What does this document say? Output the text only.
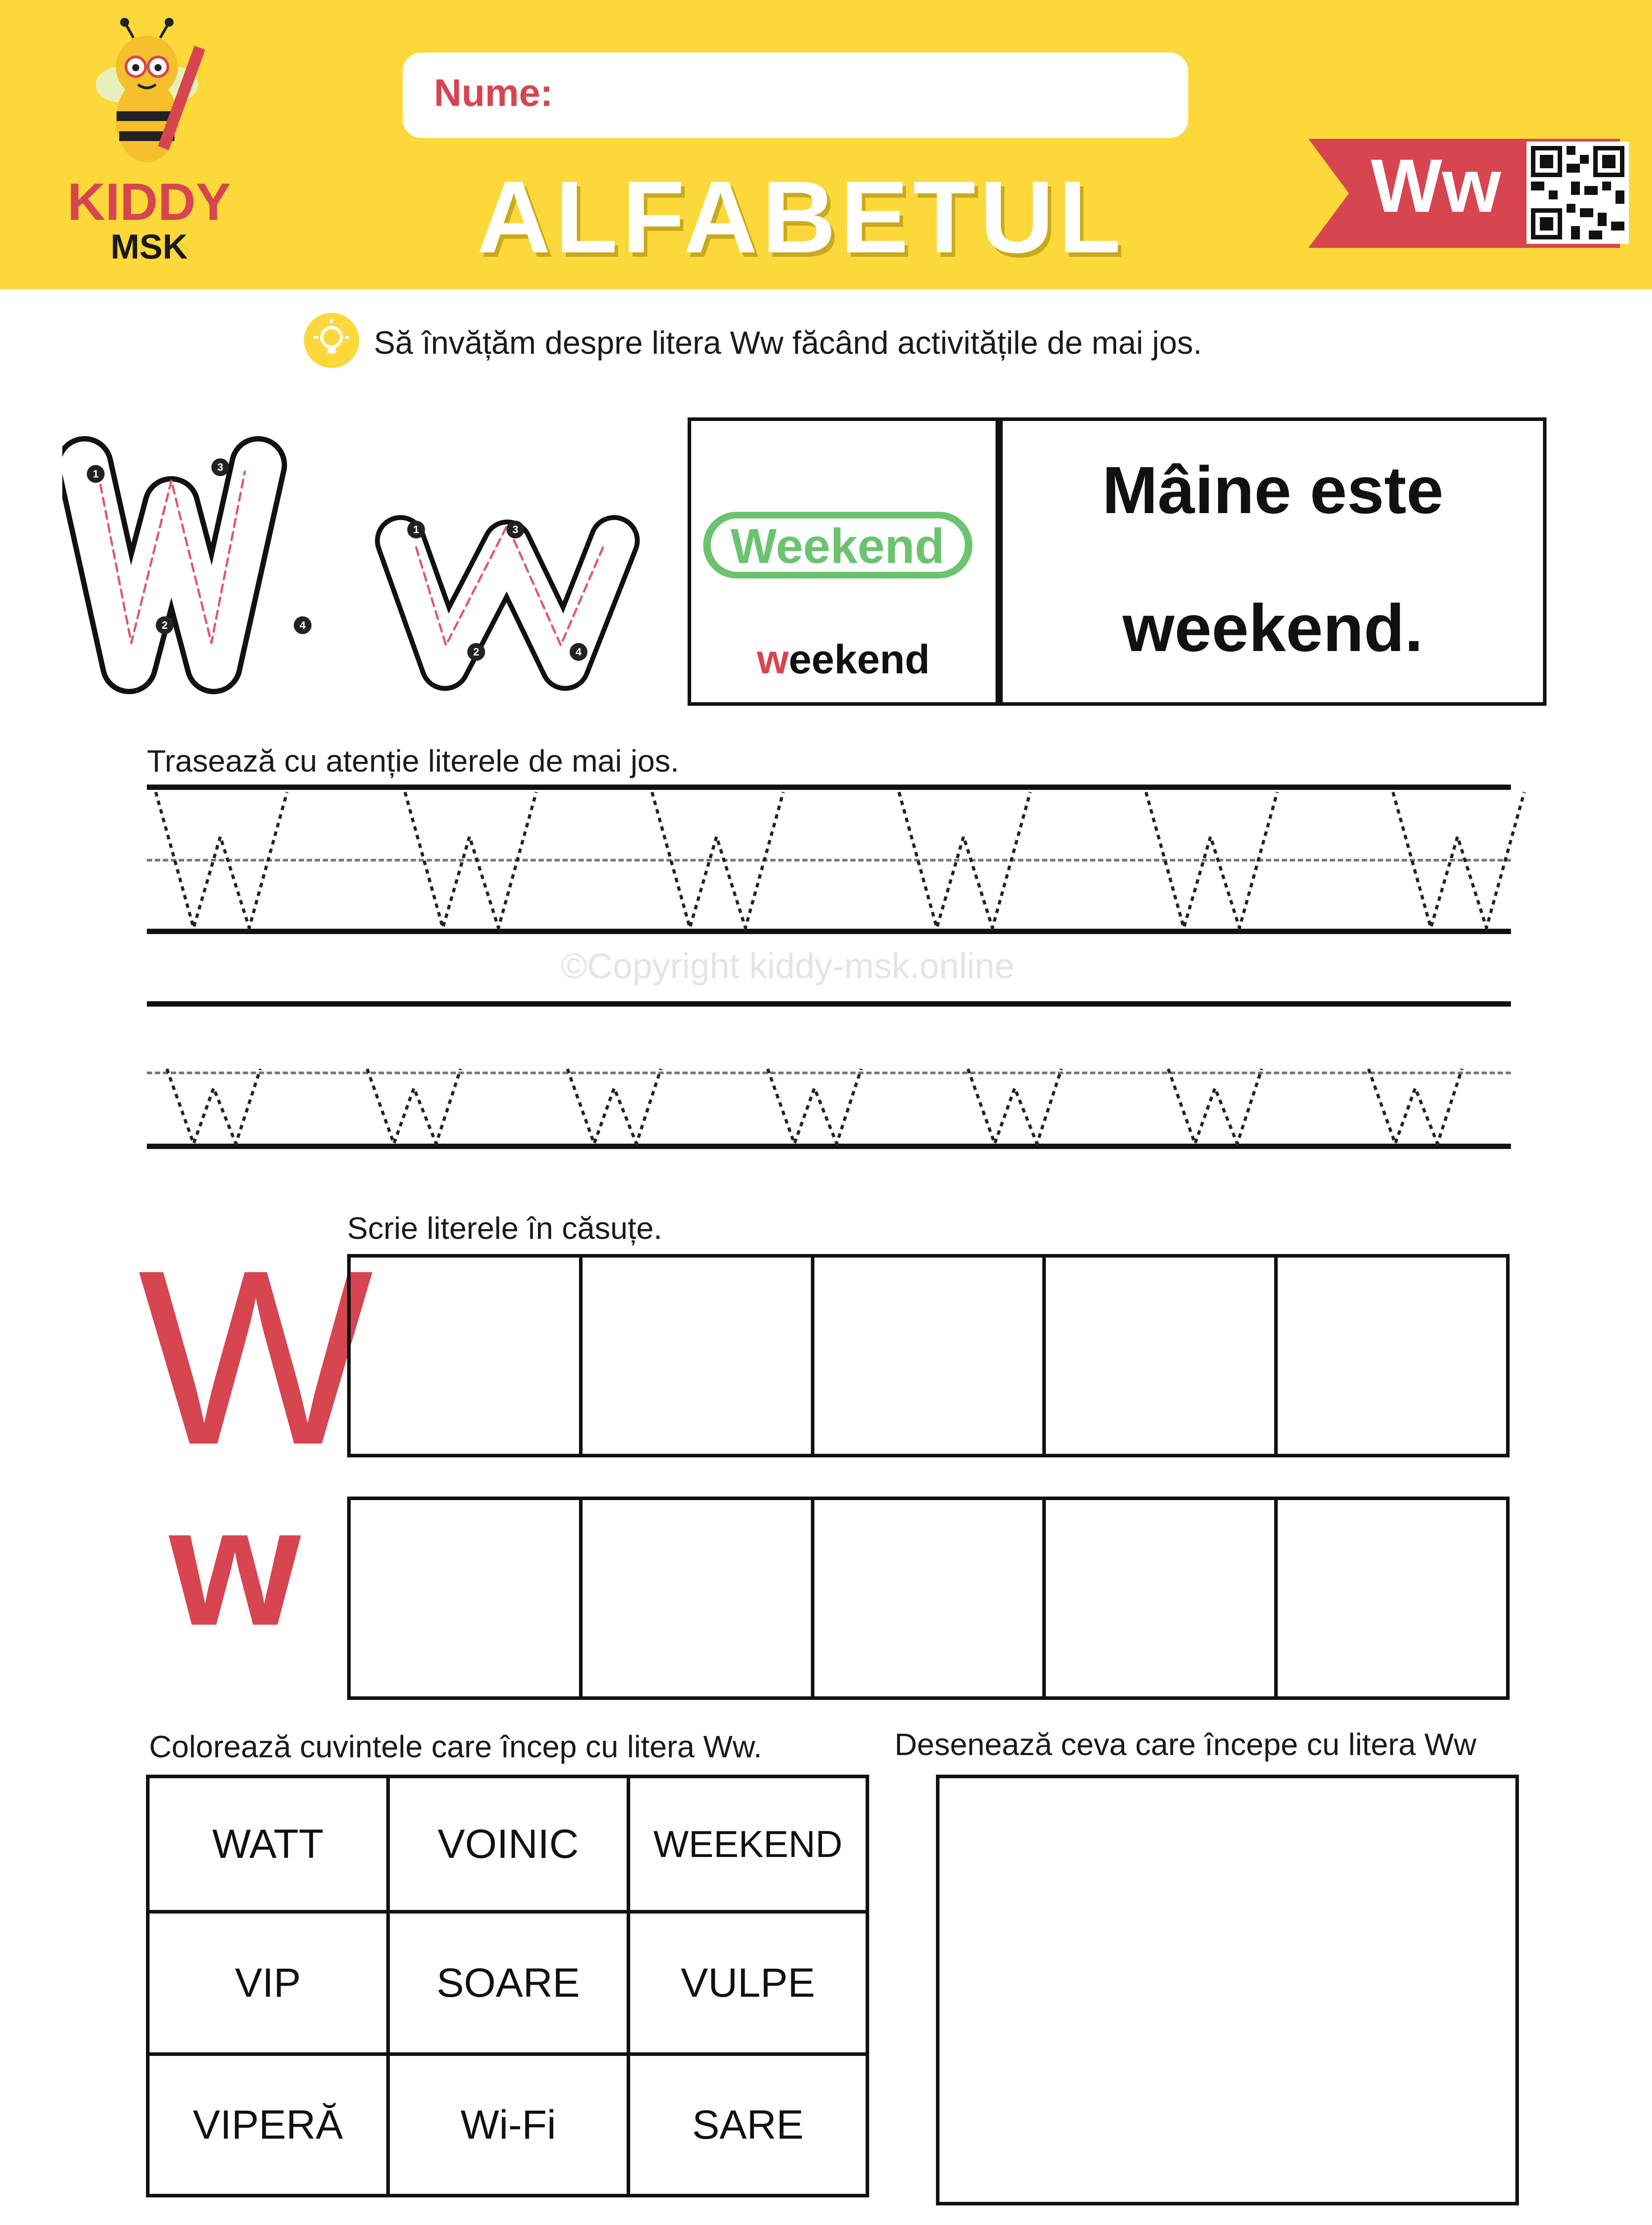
KIDDY
MSK
Nume:
ALFABETUL	Ww
Să învățăm despre litera Ww făcând activitățile de mai jos.
1
2
3
4
1
2
3
4
Weekend
weekend
Mâine este
weekend.
Trasează cu atenție literele de mai jos.
©Copyright kiddy-msk.online
Scrie literele în căsuțe.
W
w
Colorează cuvintele care încep cu litera Ww.
WATT	VOINIC	WEEKEND
VIP	SOARE	VULPE
VIPERĂ	Wi-Fi	SARE
Desenează ceva care începe cu litera Ww
